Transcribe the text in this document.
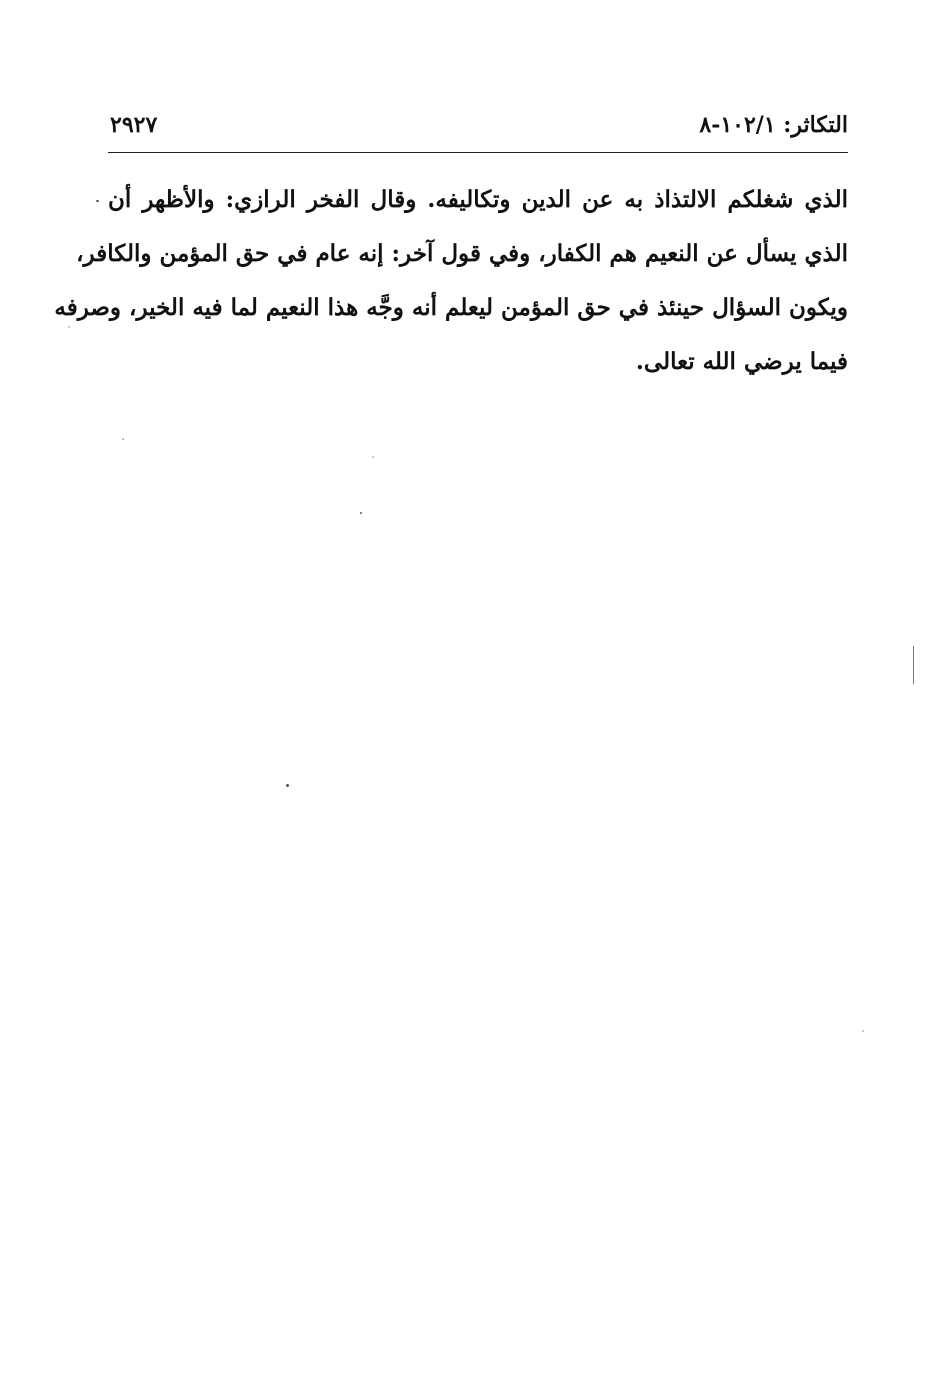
التكاثر: ١٠٢/١-٨
٢٩٢٧
الذي شغلكم الالتذاذ به عن الدين وتكاليفه. وقال الفخر الرازي: والأظهر أن
الذي يسأل عن النعيم هم الكفار، وفي قول آخر: إنه عام في حق المؤمن والكافر،
ويكون السؤال حينئذ في حق المؤمن ليعلم أنه وجَّه هذا النعيم لما فيه الخير، وصرفه
فيما يرضي الله تعالى.
